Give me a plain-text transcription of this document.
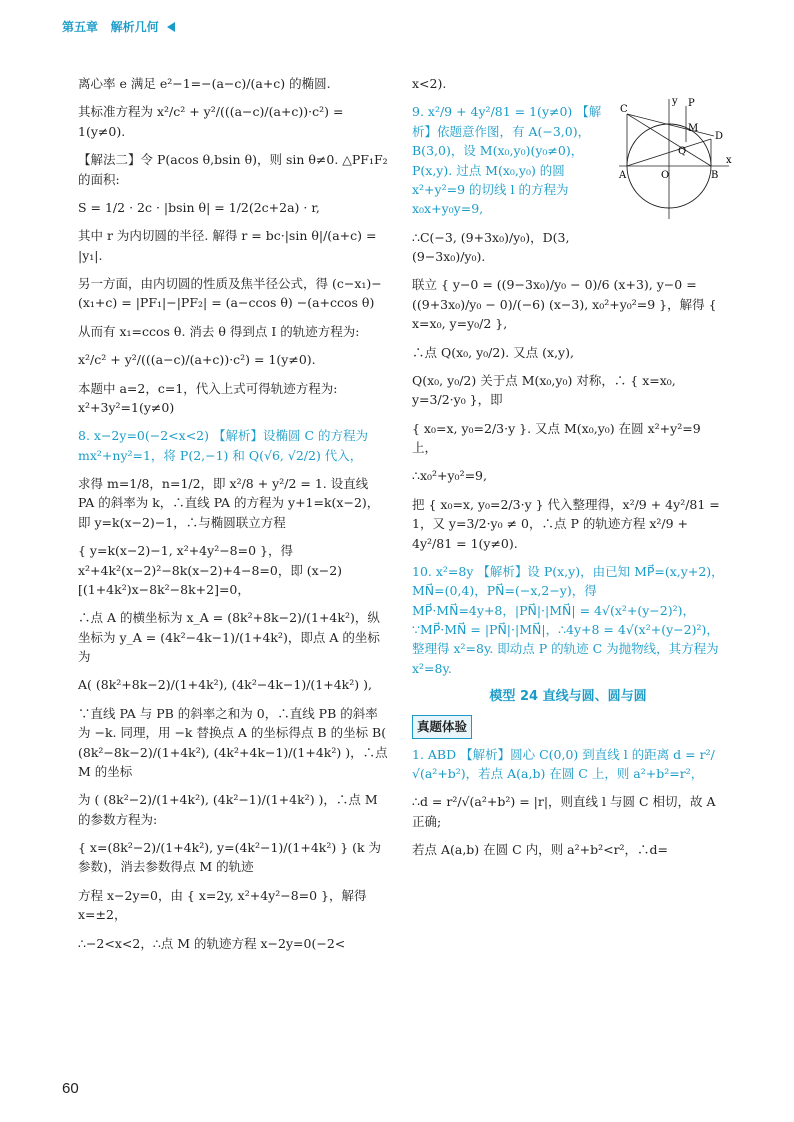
第五章 解析几何

离心率 e 满足 e²−1=−(a−c)/(a+c) 的椭圆.

其标准方程为 x²/c² + y²/(((a−c)/(a+c))·c²) = 1(y≠0).

【解法二】令 P(acos θ,bsin θ)，则 sin θ≠0. △PF₁F₂ 的面积:

S = 1/2 · 2c · |bsin θ| = 1/2(2c+2a) · r,

其中 r 为内切圆的半径. 解得 r = bc·|sin θ|/(a+c) = |y₁|.

另一方面，由内切圆的性质及焦半径公式，得 (c−x₁)−(x₁+c) = |PF₁|−|PF₂| = (a−ccos θ) −(a+ccos θ)

从而有 x₁=ccos θ. 消去 θ 得到点 I 的轨迹方程为:

x²/c² + y²/(((a−c)/(a+c))·c²) = 1(y≠0).

本题中 a=2，c=1，代入上式可得轨迹方程为: x²+3y²=1(y≠0)

8. x−2y=0(−2<x<2) 【解析】设椭圆 C 的方程为 mx²+ny²=1，将 P(2,−1) 和 Q(√6, √2/2) 代入，

求得 m=1/8，n=1/2，即 x²/8 + y²/2 = 1. 设直线 PA 的斜率为 k，∴直线 PA 的方程为 y+1=k(x−2)，即 y=k(x−2)−1，∴与椭圆联立方程

{ y=k(x−2)−1, x²+4y²−8=0 }，得 x²+4k²(x−2)²−8k(x−2)+4−8=0，即 (x−2)[(1+4k²)x−8k²−8k+2]=0，

∴点 A 的横坐标为 x_A = (8k²+8k−2)/(1+4k²)，纵坐标为 y_A = (4k²−4k−1)/(1+4k²)，即点 A 的坐标为

A( (8k²+8k−2)/(1+4k²), (4k²−4k−1)/(1+4k²) ),

∵直线 PA 与 PB 的斜率之和为 0，∴直线 PB 的斜率为 −k. 同理，用 −k 替换点 A 的坐标得点 B 的坐标 B( (8k²−8k−2)/(1+4k²), (4k²+4k−1)/(1+4k²) )，∴点 M 的坐标

为 ( (8k²−2)/(1+4k²), (4k²−1)/(1+4k²) )，∴点 M 的参数方程为:

{ x=(8k²−2)/(1+4k²), y=(4k²−1)/(1+4k²) } (k 为参数)，消去参数得点 M 的轨迹

方程 x−2y=0，由 { x=2y, x²+4y²−8=0 }，解得 x=±2，

∴−2<x<2，∴点 M 的轨迹方程 x−2y=0(−2<

x<2).

C
y P
M
D
Q
x
A	O	B

9. x²/9 + 4y²/81 = 1(y≠0) 【解析】依题意作图，有 A(−3,0)，B(3,0)，设 M(x₀,y₀)(y₀≠0)，P(x,y). 过点 M(x₀,y₀) 的圆 x²+y²=9 的切线 l 的方程为 x₀x+y₀y=9,

∴C(−3, (9+3x₀)/y₀)，D(3, (9−3x₀)/y₀).

联立 { y−0 = ((9−3x₀)/y₀ − 0)/6 (x+3), y−0 = ((9+3x₀)/y₀ − 0)/(−6) (x−3), x₀²+y₀²=9 }，解得 { x=x₀, y=y₀/2 },

∴点 Q(x₀, y₀/2). 又点 (x,y),

Q(x₀, y₀/2) 关于点 M(x₀,y₀) 对称，∴ { x=x₀, y=3/2·y₀ }，即

{ x₀=x, y₀=2/3·y }. 又点 M(x₀,y₀) 在圆 x²+y²=9 上，

∴x₀²+y₀²=9,

把 { x₀=x, y₀=2/3·y } 代入整理得，x²/9 + 4y²/81 = 1，又 y=3/2·y₀ ≠ 0，∴点 P 的轨迹方程 x²/9 + 4y²/81 = 1(y≠0).

10. x²=8y 【解析】设 P(x,y)，由已知 MP⃗=(x,y+2)，MN⃗=(0,4)，PN⃗=(−x,2−y)，得 MP⃗·MN⃗=4y+8，|PN⃗|·|MN⃗| = 4√(x²+(y−2)²)，∵MP⃗·MN⃗ = |PN⃗|·|MN⃗|，∴4y+8 = 4√(x²+(y−2)²)，整理得 x²=8y. 即动点 P 的轨迹 C 为抛物线，其方程为 x²=8y.

模型 24 直线与圆、圆与圆
真题体验

1. ABD 【解析】圆心 C(0,0) 到直线 l 的距离 d = r²/√(a²+b²)，若点 A(a,b) 在圆 C 上，则 a²+b²=r²，

∴d = r²/√(a²+b²) = |r|，则直线 l 与圆 C 相切，故 A 正确;

若点 A(a,b) 在圆 C 内，则 a²+b²<r²，∴d=

60
